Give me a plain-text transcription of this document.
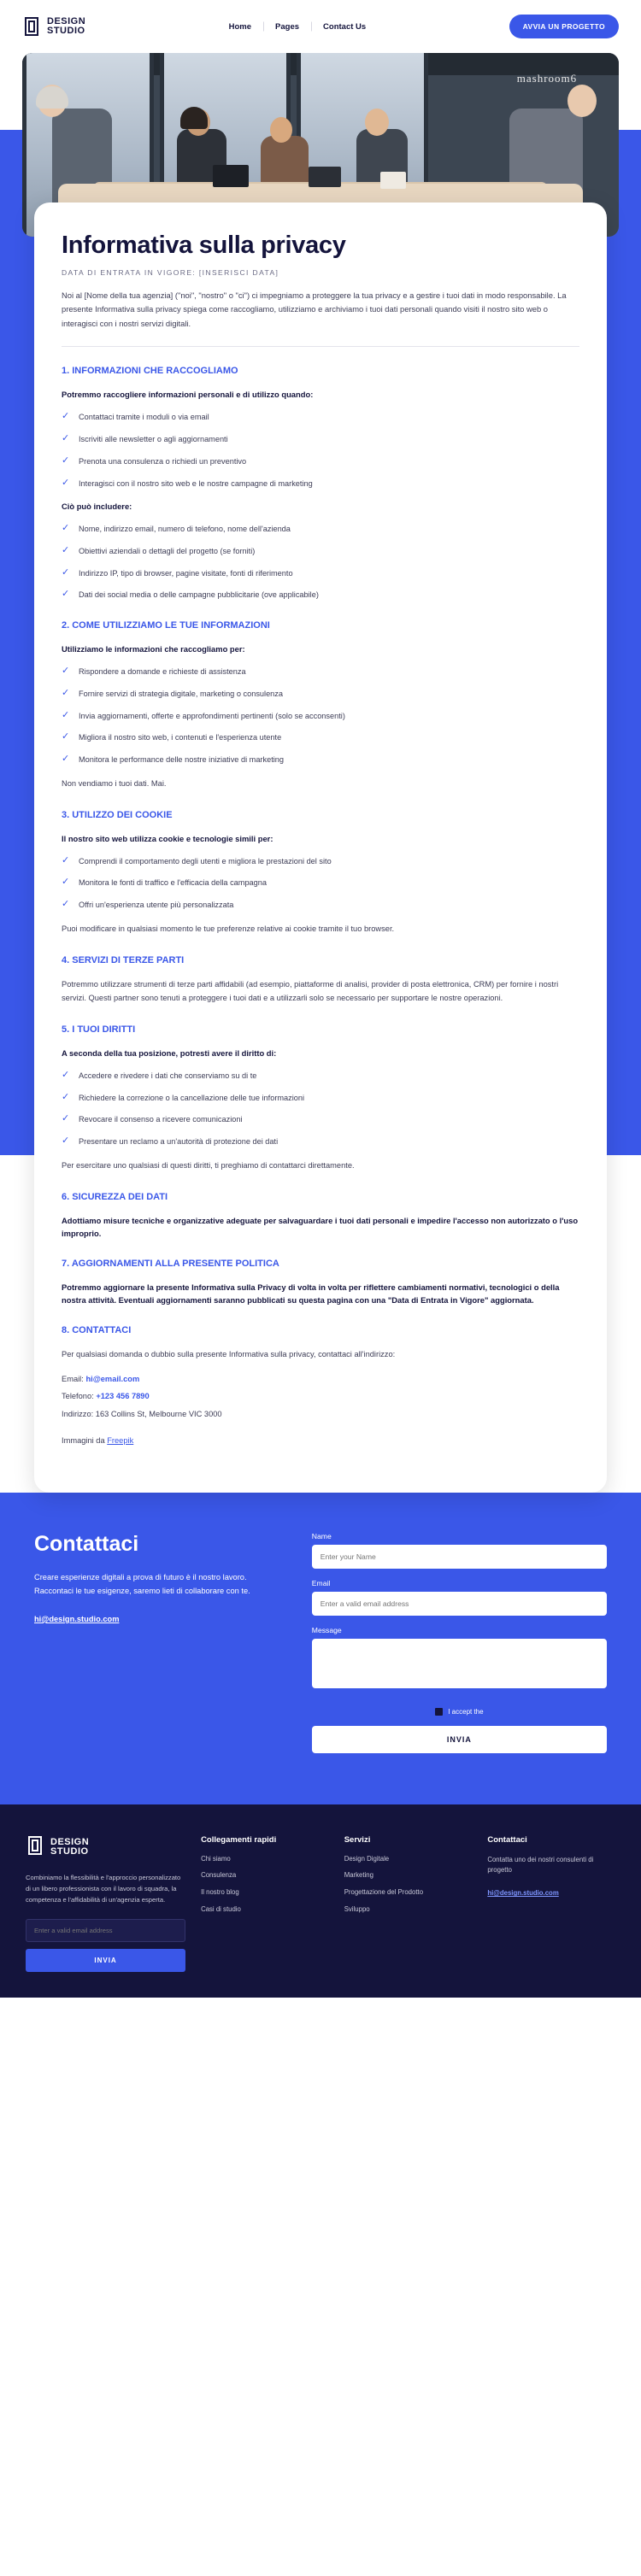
DESIGN
STUDIO	Home	Pages	Contact Us	AVVIA UN PROGETTO
mashroom6
Informativa sulla privacy
DATA DI ENTRATA IN VIGORE: [INSERISCI DATA]

Noi al [Nome della tua agenzia] ("noi", "nostro" o "ci") ci impegniamo a proteggere la tua privacy e a gestire i tuoi dati in modo responsabile. La presente Informativa sulla privacy spiega come raccogliamo, utilizziamo e archiviamo i tuoi dati personali quando visiti il nostro sito web o interagisci con i nostri servizi digitali.

1. INFORMAZIONI CHE RACCOGLIAMO

Potremmo raccogliere informazioni personali e di utilizzo quando:

✓	Contattaci tramite i moduli o via email
✓	Iscriviti alle newsletter o agli aggiornamenti
✓	Prenota una consulenza o richiedi un preventivo
✓	Interagisci con il nostro sito web e le nostre campagne di marketing

Ciò può includere:

✓	Nome, indirizzo email, numero di telefono, nome dell'azienda
✓	Obiettivi aziendali o dettagli del progetto (se forniti)
✓	Indirizzo IP, tipo di browser, pagine visitate, fonti di riferimento
✓	Dati dei social media o delle campagne pubblicitarie (ove applicabile)
2. COME UTILIZZIAMO LE TUE INFORMAZIONI

Utilizziamo le informazioni che raccogliamo per:

✓	Rispondere a domande e richieste di assistenza
✓	Fornire servizi di strategia digitale, marketing o consulenza
✓	Invia aggiornamenti, offerte e approfondimenti pertinenti (solo se acconsenti)
✓	Migliora il nostro sito web, i contenuti e l'esperienza utente
✓	Monitora le performance delle nostre iniziative di marketing

Non vendiamo i tuoi dati. Mai.

3. UTILIZZO DEI COOKIE

Il nostro sito web utilizza cookie e tecnologie simili per:

✓	Comprendi il comportamento degli utenti e migliora le prestazioni del sito
✓	Monitora le fonti di traffico e l'efficacia della campagna
✓	Offri un'esperienza utente più personalizzata

Puoi modificare in qualsiasi momento le tue preferenze relative ai cookie tramite il tuo browser.

4. SERVIZI DI TERZE PARTI

Potremmo utilizzare strumenti di terze parti affidabili (ad esempio, piattaforme di analisi, provider di posta elettronica, CRM) per fornire i nostri servizi. Questi partner sono tenuti a proteggere i tuoi dati e a utilizzarli solo se necessario per supportare le nostre operazioni.

5. I TUOI DIRITTI

A seconda della tua posizione, potresti avere il diritto di:

✓	Accedere e rivedere i dati che conserviamo su di te
✓	Richiedere la correzione o la cancellazione delle tue informazioni
✓	Revocare il consenso a ricevere comunicazioni
✓	Presentare un reclamo a un'autorità di protezione dei dati

Per esercitare uno qualsiasi di questi diritti, ti preghiamo di contattarci direttamente.

6. SICUREZZA DEI DATI

Adottiamo misure tecniche e organizzative adeguate per salvaguardare i tuoi dati personali e impedire l'accesso non autorizzato o l'uso improprio.

7. AGGIORNAMENTI ALLA PRESENTE POLITICA

Potremmo aggiornare la presente Informativa sulla Privacy di volta in volta per riflettere cambiamenti normativi, tecnologici o della nostra attività. Eventuali aggiornamenti saranno pubblicati su questa pagina con una "Data di Entrata in Vigore" aggiornata.

8. CONTATTACI

Per qualsiasi domanda o dubbio sulla presente Informativa sulla privacy, contattaci all'indirizzo:

Email: hi@email.com

Telefono: +123 456 7890

Indirizzo: 163 Collins St, Melbourne VIC 3000

Immagini da Freepik

Contattaci

Creare esperienze digitali a prova di futuro è il nostro lavoro. Raccontaci le tue esigenze, saremo lieti di collaborare con te.

hi@design.studio.com
Name
Enter your Name
Email
Enter a valid email address
Message
I accept the
INVIA
DESIGN
STUDIO

Combiniamo la flessibilità e l'approccio personalizzato di un libero professionista con il lavoro di squadra, la competenza e l'affidabilità di un'agenzia esperta.

Enter a valid email address INVIA
Collegamenti rapidi
Chi siamo
Consulenza
Il nostro blog
Casi di studio
Servizi
Design Digitale
Marketing
Progettazione del Prodotto
Sviluppo
Contattaci

Contatta uno dei nostri consulenti di progetto

hi@design.studio.com
